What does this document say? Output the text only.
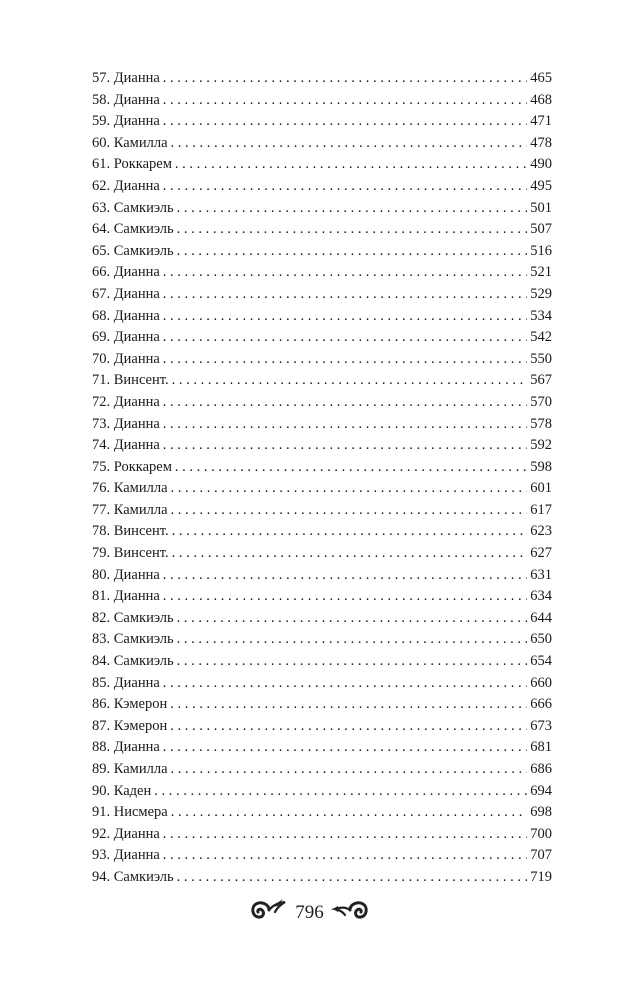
57. Дианна . . .	465
58. Дианна . . .	468
59. Дианна . . .	471
60. Камилла . . .	478
61. Роккарем . . .	490
62. Дианна . . .	495
63. Самкиэль . . .	501
64. Самкиэль . . .	507
65. Самкиэль . . .	516
66. Дианна . . .	521
67. Дианна . . .	529
68. Дианна . . .	534
69. Дианна . . .	542
70. Дианна . . .	550
71. Винсент. . . .	567
72. Дианна . . .	570
73. Дианна . . .	578
74. Дианна . . .	592
75. Роккарем . . .	598
76. Камилла . . .	601
77. Камилла . . .	617
78. Винсент. . . .	623
79. Винсент. . . .	627
80. Дианна . . .	631
81. Дианна . . .	634
82. Самкиэль . . .	644
83. Самкиэль . . .	650
84. Самкиэль . . .	654
85. Дианна . . .	660
86. Кэмерон . . .	666
87. Кэмерон . . .	673
88. Дианна . . .	681
89. Камилла . . .	686
90. Каден . . .	694
91. Нисмера . . .	698
92. Дианна . . .	700
93. Дианна . . .	707
94. Самкиэль . . .	719
796
